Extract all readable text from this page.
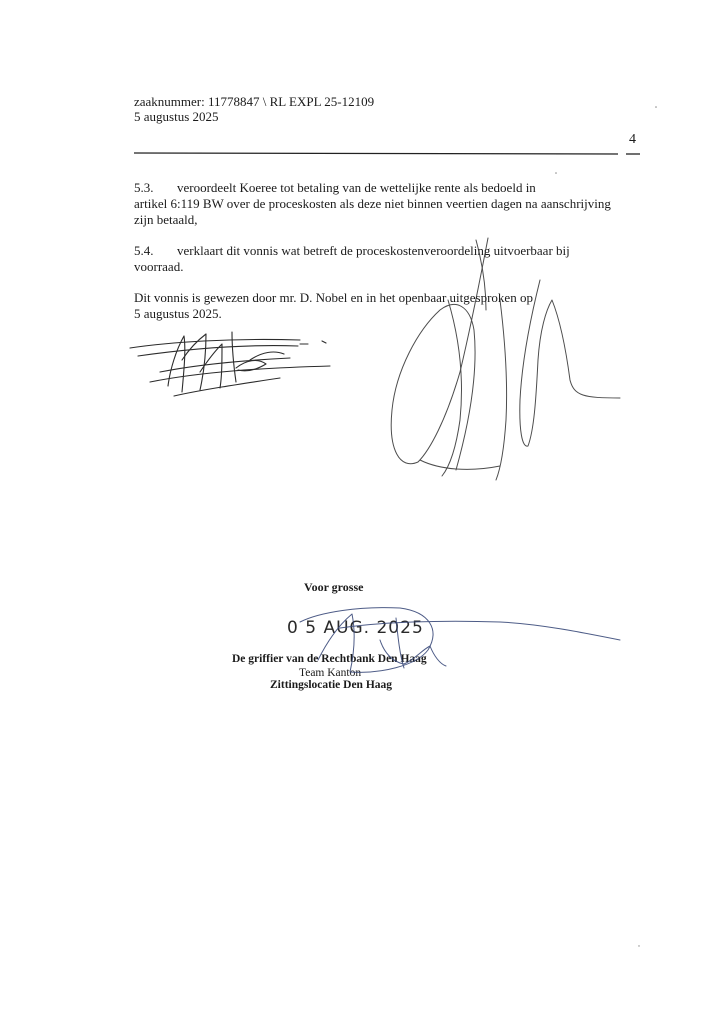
zaaknummer: 11778847 \ RL EXPL 25-12109
5 augustus 2025
4
5.3. veroordeelt Koeree tot betaling van de wettelijke rente als bedoeld in
artikel 6:119 BW over de proceskosten als deze niet binnen veertien dagen na aanschrijving
zijn betaald,
5.4. verklaart dit vonnis wat betreft de proceskostenveroordeling uitvoerbaar bij
voorraad.
Dit vonnis is gewezen door mr. D. Nobel en in het openbaar uitgesproken op
5 augustus 2025.
Voor grosse
0 5 AUG. 2025
De griffier van de Rechtbank Den Haag
Team Kanton
Zittingslocatie Den Haag
